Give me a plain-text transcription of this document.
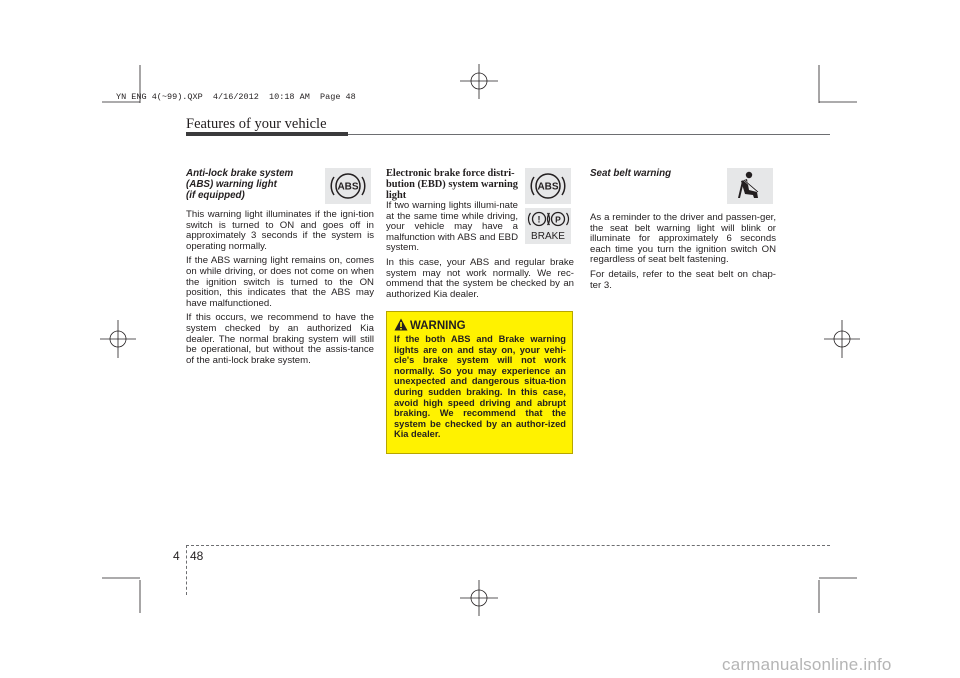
YN ENG 4(~99).QXP  4/16/2012  10:18 AM  Page 48
Features of your vehicle
Anti-lock brake system
(ABS) warning light
(if equipped)

This warning light illuminates if the igni-tion switch is turned to ON and goes off in approximately 3 seconds if the system is operating normally.

If the ABS warning light remains on, comes on while driving, or does not come on when the ignition switch is turned to the ON position, this indicates that the ABS may have malfunctioned.

If this occurs, we recommend to have the system checked by an authorized Kia dealer. The normal braking system will still be operational, but without the assis-tance of the anti-lock brake system.

ABS
Electronic brake force distri-
bution (EBD) system warning
light

If two warning lights illumi-nate at the same time while driving, your vehicle may have a malfunction with ABS and EBD system.

In this case, your ABS and regular brake system may not work normally. We rec-ommend that the system be checked by an authorized Kia dealer.

ABS
! P
BRAKE
WARNING
If the both ABS and Brake warning lights are on and stay on, your vehi-cle's brake system will not work normally. So you may experience an unexpected and dangerous situa-tion during sudden braking. In this case, avoid high speed driving and abrupt braking. We recommend that the system be checked by an author-ized Kia dealer.
Seat belt warning

As a reminder to the driver and passen-ger, the seat belt warning light will blink or illuminate for approximately 6 seconds each time you turn the ignition switch ON regardless of seat belt fastening.

For details, refer to the seat belt on chap-ter 3.

4 48
carmanualsonline.info
